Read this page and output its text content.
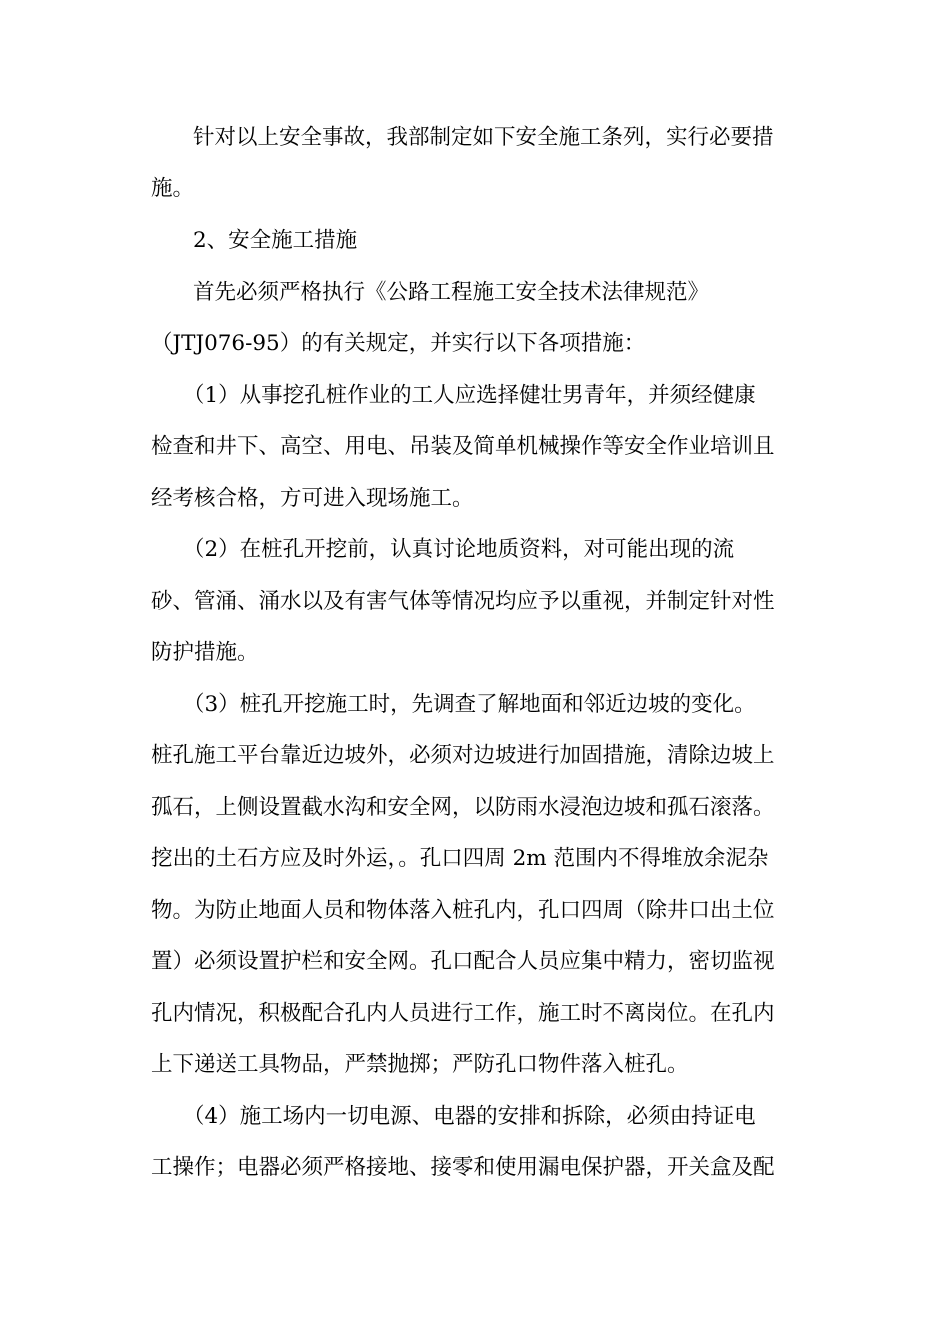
针对以上安全事故，我部制定如下安全施工条列，实行必要措
施。
2、安全施工措施
首先必须严格执行《公路工程施工安全技术法律规范》
（JTJ076-95）的有关规定，并实行以下各项措施：
（1）从事挖孔桩作业的工人应选择健壮男青年，并须经健康
检查和井下、高空、用电、吊装及简单机械操作等安全作业培训且
经考核合格，方可进入现场施工。
（2）在桩孔开挖前，认真讨论地质资料，对可能出现的流
砂、管涌、涌水以及有害气体等情况均应予以重视，并制定针对性
防护措施。
（3）桩孔开挖施工时，先调查了解地面和邻近边坡的变化。
桩孔施工平台靠近边坡外，必须对边坡进行加固措施，清除边坡上
孤石，上侧设置截水沟和安全网，以防雨水浸泡边坡和孤石滚落。
挖出的土石方应及时外运，。孔口四周 2m 范围内不得堆放余泥杂
物。为防止地面人员和物体落入桩孔内，孔口四周（除井口出土位
置）必须设置护栏和安全网。孔口配合人员应集中精力，密切监视
孔内情况，积极配合孔内人员进行工作，施工时不离岗位。在孔内
上下递送工具物品，严禁抛掷；严防孔口物件落入桩孔。
（4）施工场内一切电源、电器的安排和拆除，必须由持证电
工操作；电器必须严格接地、接零和使用漏电保护器，开关盒及配
